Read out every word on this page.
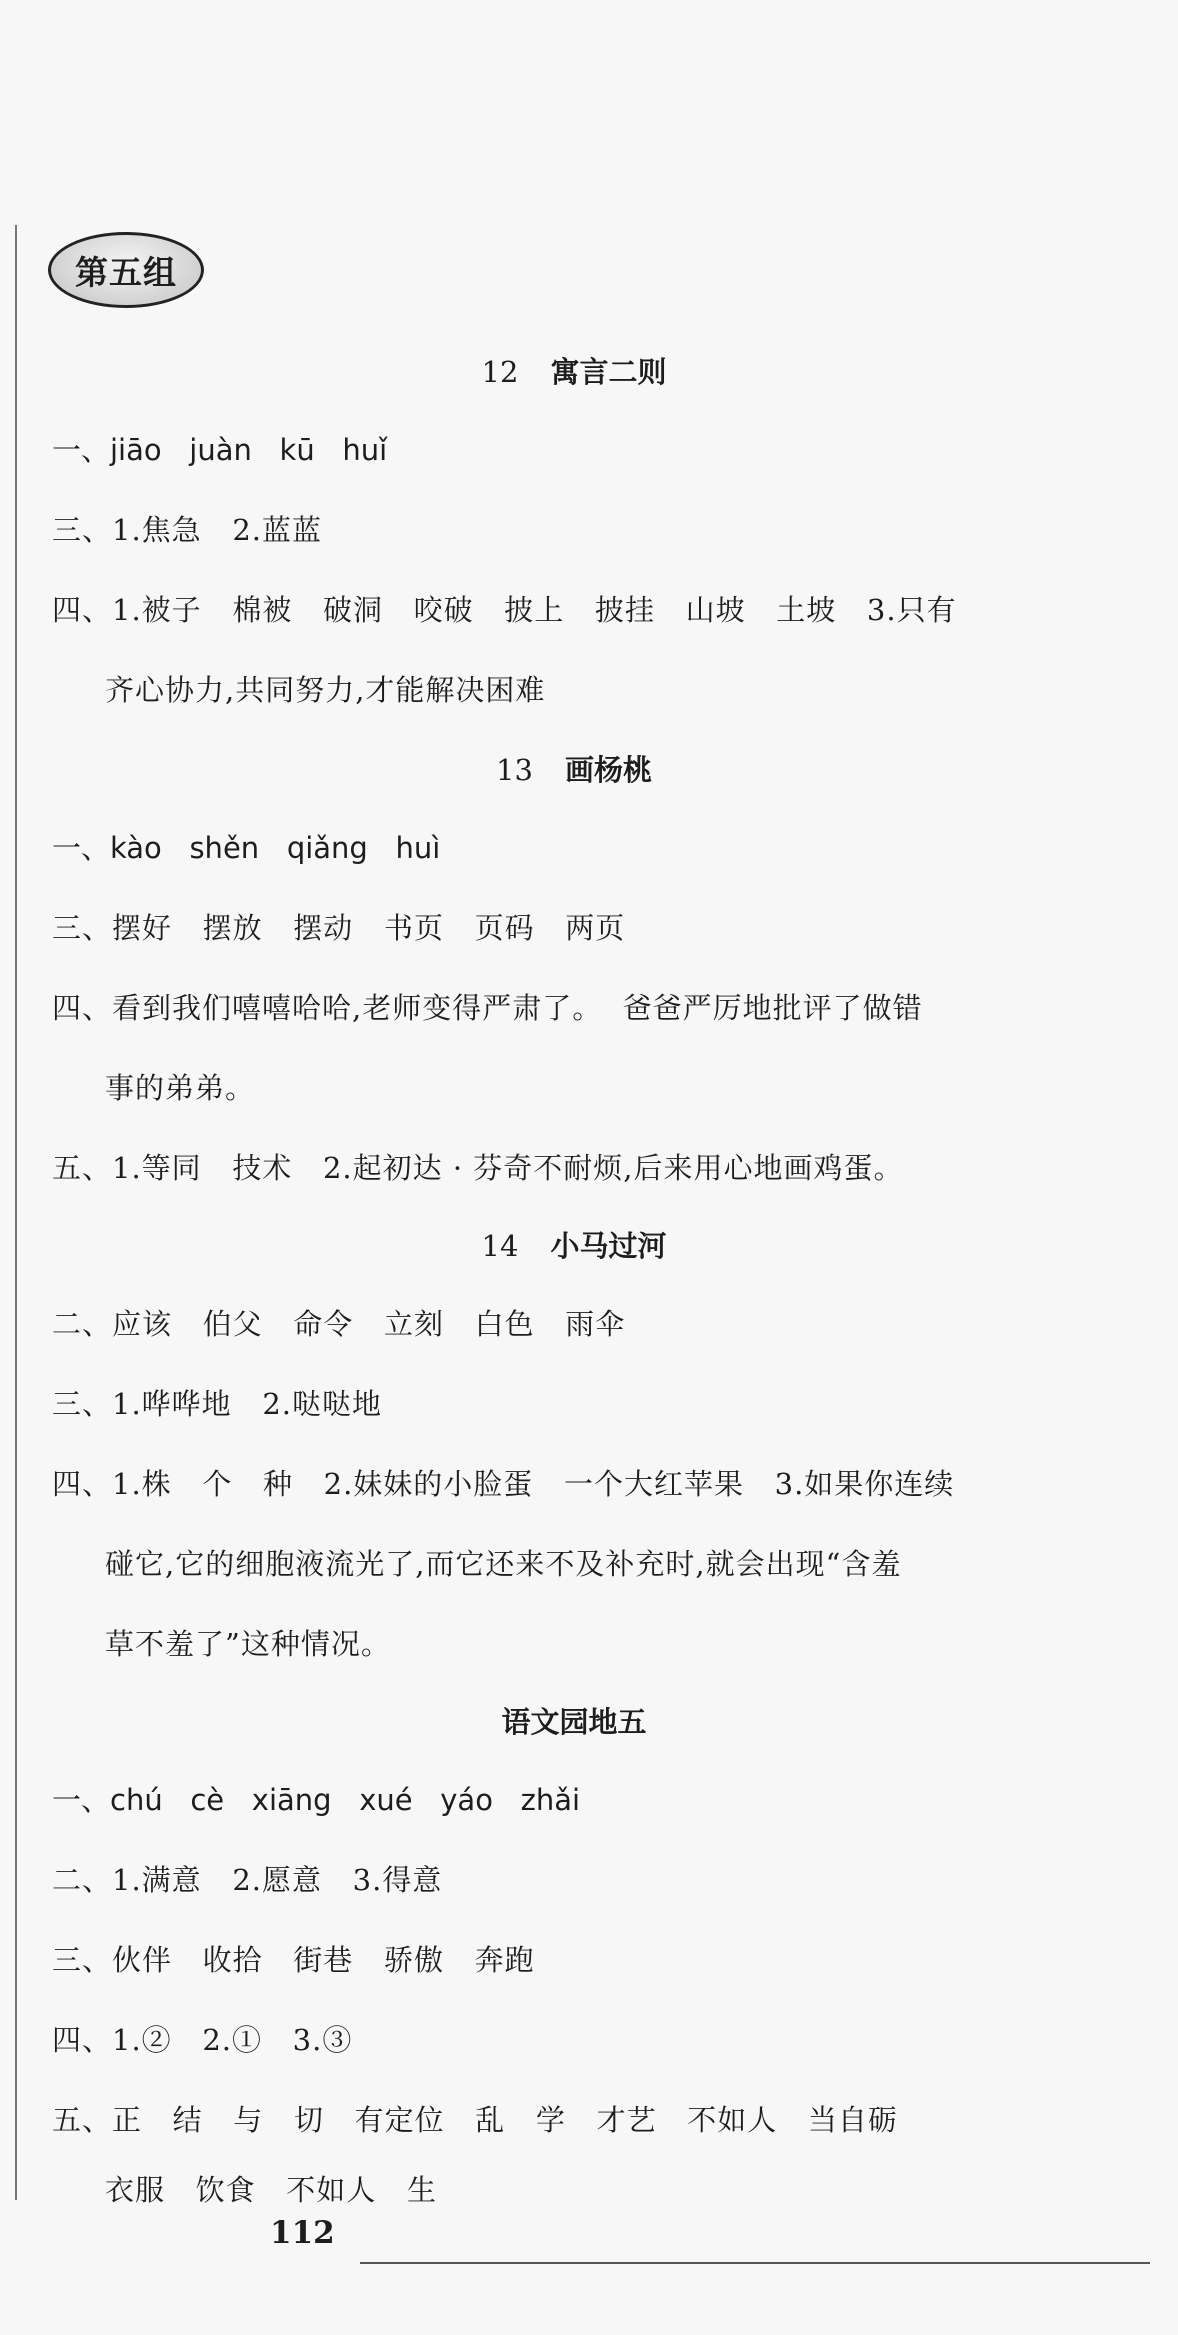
第五组
12 寓言二则
一、jiāo   juàn   kū   huǐ
三、1.焦急   2.蓝蓝
四、1.被子   棉被   破洞   咬破   披上   披挂   山坡   土坡   3.只有
齐心协力,共同努力,才能解决困难
13 画杨桃
一、kào   shěn   qiǎng   huì
三、摆好   摆放   摆动   书页   页码   两页
四、看到我们嘻嘻哈哈,老师变得严肃了。  爸爸严厉地批评了做错
事的弟弟。
五、1.等同   技术   2.起初达 · 芬奇不耐烦,后来用心地画鸡蛋。
14 小马过河
二、应该   伯父   命令   立刻   白色   雨伞
三、1.哗哗地   2.哒哒地
四、1.株   个   种   2.妹妹的小脸蛋   一个大红苹果   3.如果你连续
碰它,它的细胞液流光了,而它还来不及补充时,就会出现“含羞
草不羞了”这种情况。
语文园地五
一、chú   cè   xiāng   xué   yáo   zhǎi
二、1.满意   2.愿意   3.得意
三、伙伴   收拾   街巷   骄傲   奔跑
四、1.②   2.①   3.③
五、正   结   与   切   有定位   乱   学   才艺   不如人   当自砺
衣服   饮食   不如人   生
112
